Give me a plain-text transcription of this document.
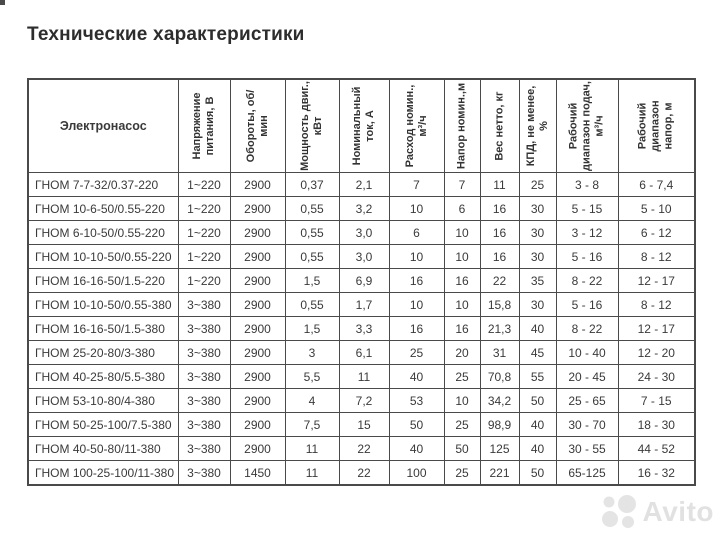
Технические характеристики
Электронасос	Напряжение питания, В	Обороты, об/мин	Мощность двиг., кВт	Номинальный ток, А	Расход номин., м³/ч	Напор номин.,м	Вес нетто, кг	КПД, не менее, %	Рабочий диапазон подач, м³/ч	Рабочий диапазон напор, м

ГНОМ 7-7-32/0.37-220	1~220	2900	0,37	2,1	7	7	11	25	3 - 8	6 - 7,4
ГНОМ 10-6-50/0.55-220	1~220	2900	0,55	3,2	10	6	16	30	5 - 15	5 - 10
ГНОМ 6-10-50/0.55-220	1~220	2900	0,55	3,0	6	10	16	30	3 - 12	6 - 12
ГНОМ 10-10-50/0.55-220	1~220	2900	0,55	3,0	10	10	16	30	5 - 16	8 - 12
ГНОМ 16-16-50/1.5-220	1~220	2900	1,5	6,9	16	16	22	35	8 - 22	12 - 17
ГНОМ 10-10-50/0.55-380	3~380	2900	0,55	1,7	10	10	15,8	30	5 - 16	8 - 12
ГНОМ 16-16-50/1.5-380	3~380	2900	1,5	3,3	16	16	21,3	40	8 - 22	12 - 17
ГНОМ 25-20-80/3-380	3~380	2900	3	6,1	25	20	31	45	10 - 40	12 - 20
ГНОМ 40-25-80/5.5-380	3~380	2900	5,5	11	40	25	70,8	55	20 - 45	24 - 30
ГНОМ 53-10-80/4-380	3~380	2900	4	7,2	53	10	34,2	50	25 - 65	7 - 15
ГНОМ 50-25-100/7.5-380	3~380	2900	7,5	15	50	25	98,9	40	30 - 70	18 - 30
ГНОМ 40-50-80/11-380	3~380	2900	11	22	40	50	125	40	30 - 55	44 - 52
ГНОМ 100-25-100/11-380	3~380	1450	11	22	100	25	221	50	65-125	16 - 32
Avito
